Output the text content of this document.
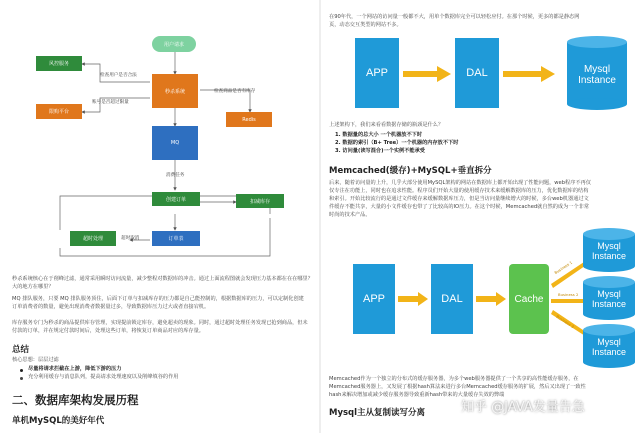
用户请求
风控服务
限购平台
秒杀系统
Redis
MQ
创建订单	扣减库存
超时处理	订单表
检查用户是否合法
账号是否超过限量
检查商品是否有库存
消费任务
超时取消
秒杀系统核心在于削峰过滤，通常采用瞬时访问流量，减少整程对数据库的冲击。通过上面流程图就会发现压力基本都在在在哪里？
大的地方在哪里？
MQ 排队服务，只要 MQ 排队服务顶住，后面下订单与扣减库存的压力都是自己能控制的，根据数据库的压力，可以定制化创建订单消费者的数量，避免出现消费者数据量过多，导致数据库压力过大或者直接宕机。
库存服务专门为秒杀的商品提供库存管理，实现提前锁定库存，避免超卖的现象。同时，通过超时处理任务发现已抢到商品，但未付款的订单，并在规定付款时间后，处理这些订单，将恢复订单商品对应的库存量。
总结
核心思想：层层过滤
尽量将请求拦截在上游，降低下游的压力
充分利用缓存与消息队列，提高请求处理速度以及削峰填谷的作用
二、数据库架构发展历程
单机MySQL的美好年代
在90年代，一个网站的访问量一般都不大，用单个数据库完全可以轻松应付。在那个时候，更多的都是静态网
页，动态交互类型的网站不多。
APP	DAL	Mysql
Instance
上述架构下，我们来看看数据存储的瓶颈是什么？
1. 数据量的总大小 一个机器放不下时
2. 数据的索引（B+ Tree）一个机器的内存放不下时
3. 访问量(读写混合)一个实例不能承受
Memcached(缓存)+MySQL+垂直拆分
后来，随着访问量的上升，几乎大部分使用MySQL架构的网站在数据库上都开始出现了性能问题，web程序不再仅
仅专注在功能上，同时也在追求性能。程序员们开始大量的使用缓存技术来缓解数据库的压力，优化数据库的结构
和索引。开始比较流行的是通过文件缓存来缓解数据库压力，但是当访问量继续增大的时候，多台web机器通过文
件缓存不能共享，大量的小文件缓存也带了了比较高的IO压力。在这个时候，Memcached就自然的成为一个非常
时尚的技术产品。
APP	DAL	Cache
Business 1
Business 2
Business 3
Mysql
Instance
Mysql
Instance
Mysql
Instance
Memcached作为一个独立的分布式的缓存服务器，为多个web服务器提供了一个共享的高性能缓存服务，在
Memcached服务器上，又发展了根据hash算法来进行多台Memcached缓存服务的扩展，然后又出现了一致性
hash来解决增加或减少缓存服务器导致重新hash带来的大量缓存失效的弊端
Mysql主从复制读写分离	知乎 @JAVA发量告急
